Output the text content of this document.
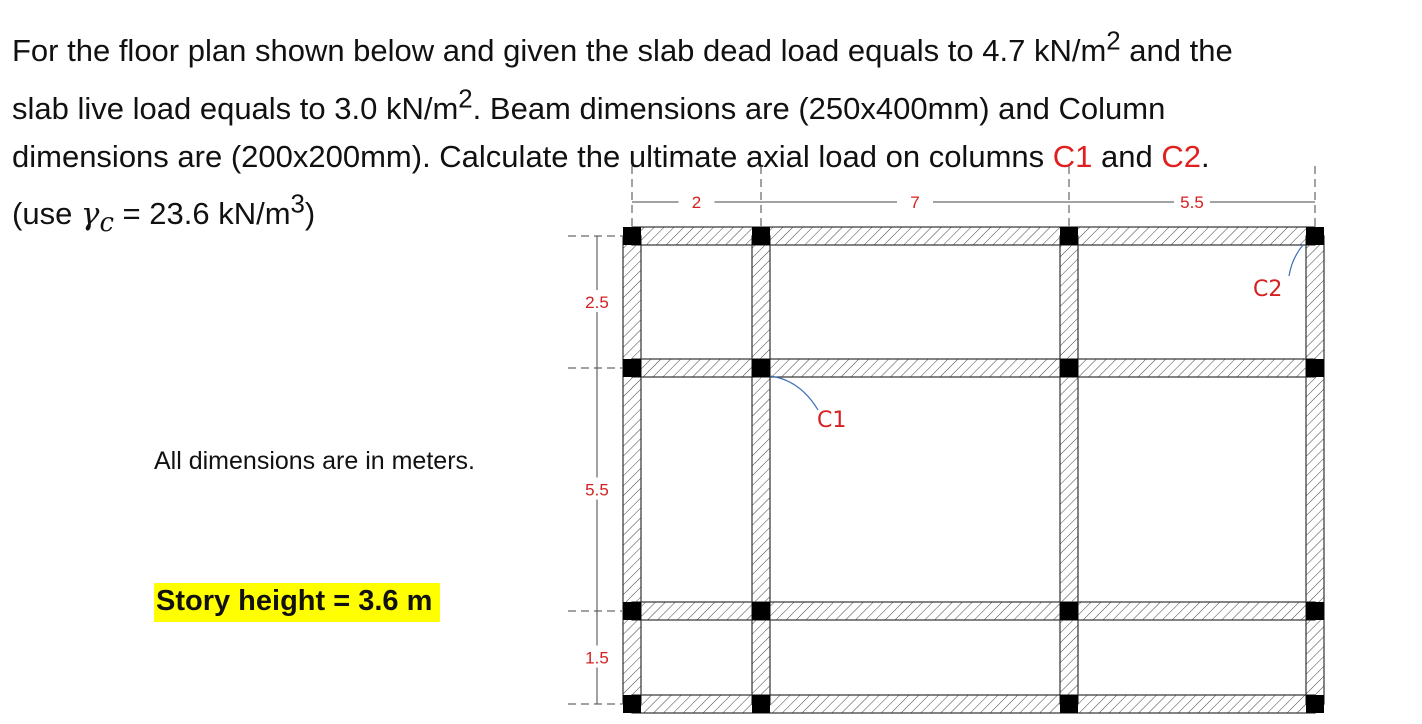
For the floor plan shown below and given the slab dead load equals to 4.7 $kN/m^2$ and the
slab live load equals to 3.0 $kN/m^2$. Beam dimensions are (250x400mm) and Column
dimensions are (200x200mm). Calculate the ultimate axial load on columns C1 and C2.
(use $\gamma_c = 23.6$ $kN/m^3$)

All dimensions are in meters.

Story height = 3.6 m

2	7	5.5
2.5
5.5
1.5
C1
C2
